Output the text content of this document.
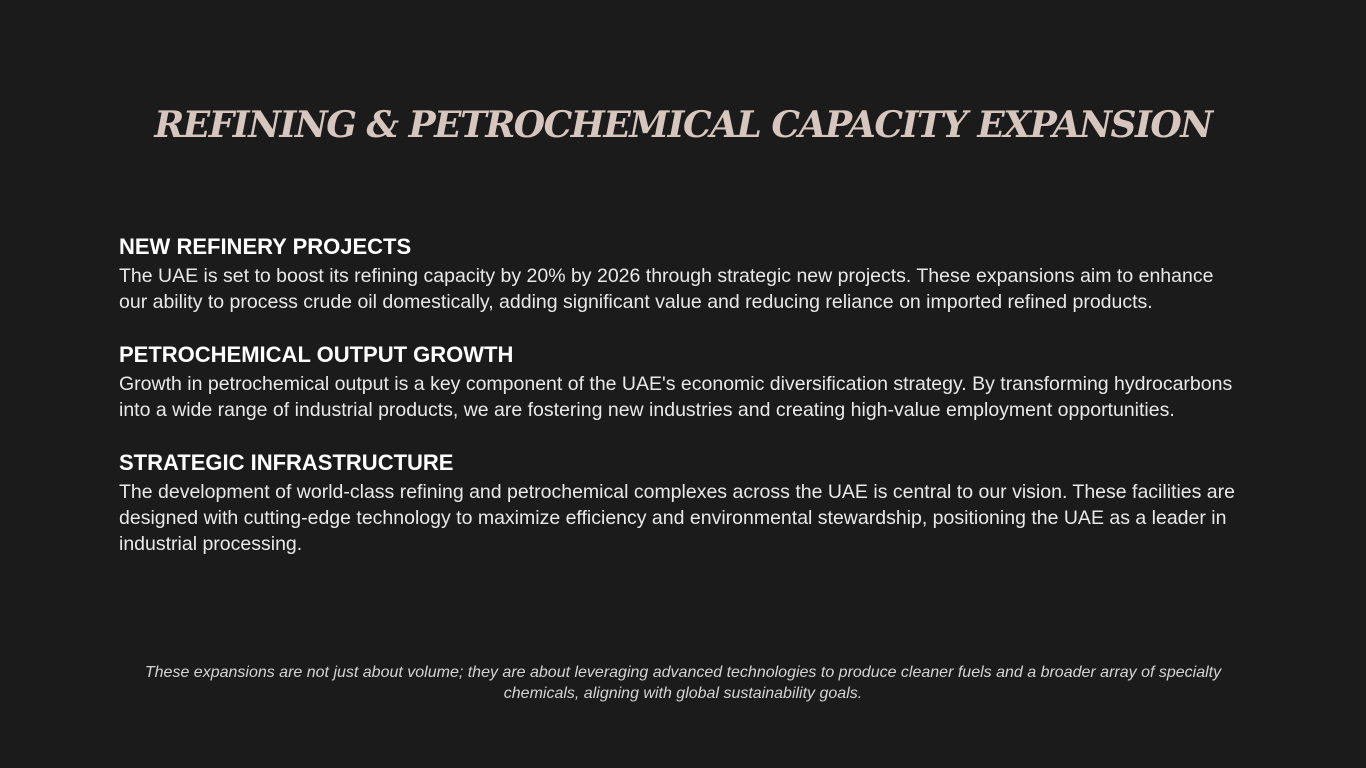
REFINING & PETROCHEMICAL CAPACITY EXPANSION
NEW REFINERY PROJECTS

The UAE is set to boost its refining capacity by 20% by 2026 through strategic new projects. These expansions aim to enhance our ability to process crude oil domestically, adding significant value and reducing reliance on imported refined products.

PETROCHEMICAL OUTPUT GROWTH

Growth in petrochemical output is a key component of the UAE's economic diversification strategy. By transforming hydrocarbons into a wide range of industrial products, we are fostering new industries and creating high-value employment opportunities.

STRATEGIC INFRASTRUCTURE

The development of world-class refining and petrochemical complexes across the UAE is central to our vision. These facilities are designed with cutting-edge technology to maximize efficiency and environmental stewardship, positioning the UAE as a leader in industrial processing.

These expansions are not just about volume; they are about leveraging advanced technologies to produce cleaner fuels and a broader array of specialty chemicals, aligning with global sustainability goals.
